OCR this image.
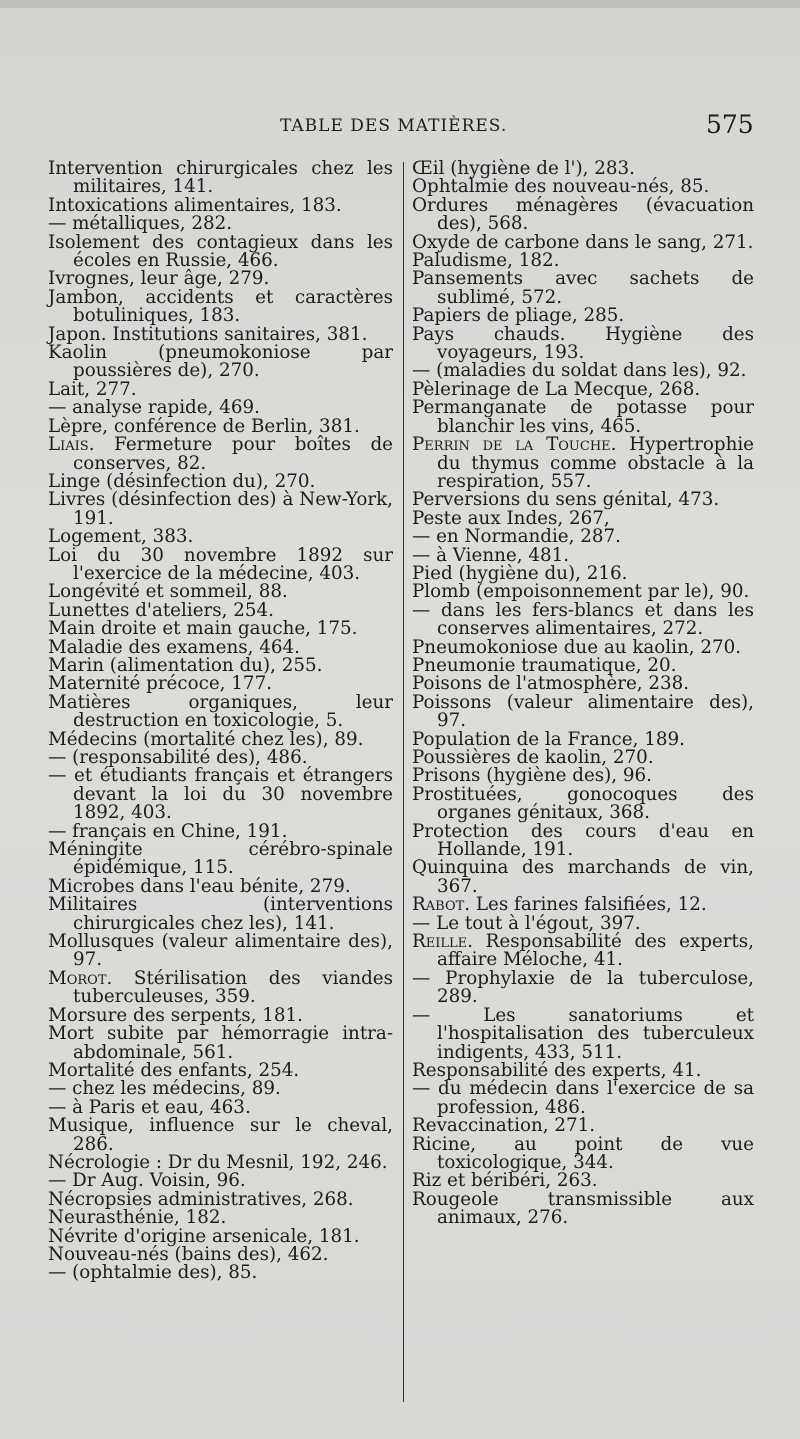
TABLE DES MATIÈRES.	575

Intervention chirurgicales chez les militaires, 141.

Intoxications alimentaires, 183.

— métalliques, 282.

Isolement des contagieux dans les écoles en Russie, 466.

Ivrognes, leur âge, 279.

Jambon, accidents et caractères botuliniques, 183.

Japon. Institutions sanitaires, 381.

Kaolin (pneumokoniose par poussières de), 270.

Lait, 277.

— analyse rapide, 469.

Lèpre, conférence de Berlin, 381.

Liais. Fermeture pour boîtes de conserves, 82.

Linge (désinfection du), 270.

Livres (désinfection des) à New-York, 191.

Logement, 383.

Loi du 30 novembre 1892 sur l'exercice de la médecine, 403.

Longévité et sommeil, 88.

Lunettes d'ateliers, 254.

Main droite et main gauche, 175.

Maladie des examens, 464.

Marin (alimentation du), 255.

Maternité précoce, 177.

Matières organiques, leur destruction en toxicologie, 5.

Médecins (mortalité chez les), 89.

— (responsabilité des), 486.

— et étudiants français et étrangers devant la loi du 30 novembre 1892, 403.

— français en Chine, 191.

Méningite cérébro-spinale épidémique, 115.

Microbes dans l'eau bénite, 279.

Militaires (interventions chirurgicales chez les), 141.

Mollusques (valeur alimentaire des), 97.

Morot. Stérilisation des viandes tuberculeuses, 359.

Morsure des serpents, 181.

Mort subite par hémorragie intra-abdominale, 561.

Mortalité des enfants, 254.

— chez les médecins, 89.

— à Paris et eau, 463.

Musique, influence sur le cheval, 286.

Nécrologie : Dr du Mesnil, 192, 246.

— Dr Aug. Voisin, 96.

Nécropsies administratives, 268.

Neurasthénie, 182.

Névrite d'origine arsenicale, 181.

Nouveau-nés (bains des), 462.

— (ophtalmie des), 85.

Œil (hygiène de l'), 283.

Ophtalmie des nouveau-nés, 85.

Ordures ménagères (évacuation des), 568.

Oxyde de carbone dans le sang, 271.

Paludisme, 182.

Pansements avec sachets de sublimé, 572.

Papiers de pliage, 285.

Pays chauds. Hygiène des voyageurs, 193.

— (maladies du soldat dans les), 92.

Pèlerinage de La Mecque, 268.

Permanganate de potasse pour blanchir les vins, 465.

Perrin de la Touche. Hypertrophie du thymus comme obstacle à la respiration, 557.

Perversions du sens génital, 473.

Peste aux Indes, 267,

— en Normandie, 287.

— à Vienne, 481.

Pied (hygiène du), 216.

Plomb (empoisonnement par le), 90.

— dans les fers-blancs et dans les conserves alimentaires, 272.

Pneumokoniose due au kaolin, 270.

Pneumonie traumatique, 20.

Poisons de l'atmosphère, 238.

Poissons (valeur alimentaire des), 97.

Population de la France, 189.

Poussières de kaolin, 270.

Prisons (hygiène des), 96.

Prostituées, gonocoques des organes génitaux, 368.

Protection des cours d'eau en Hollande, 191.

Quinquina des marchands de vin, 367.

Rabot. Les farines falsifiées, 12.

— Le tout à l'égout, 397.

Reille. Responsabilité des experts, affaire Méloche, 41.

— Prophylaxie de la tuberculose, 289.

— Les sanatoriums et l'hospitalisation des tuberculeux indigents, 433, 511.

Responsabilité des experts, 41.

— du médecin dans l'exercice de sa profession, 486.

Revaccination, 271.

Ricine, au point de vue toxicologique, 344.

Riz et béribéri, 263.

Rougeole transmissible aux animaux, 276.
